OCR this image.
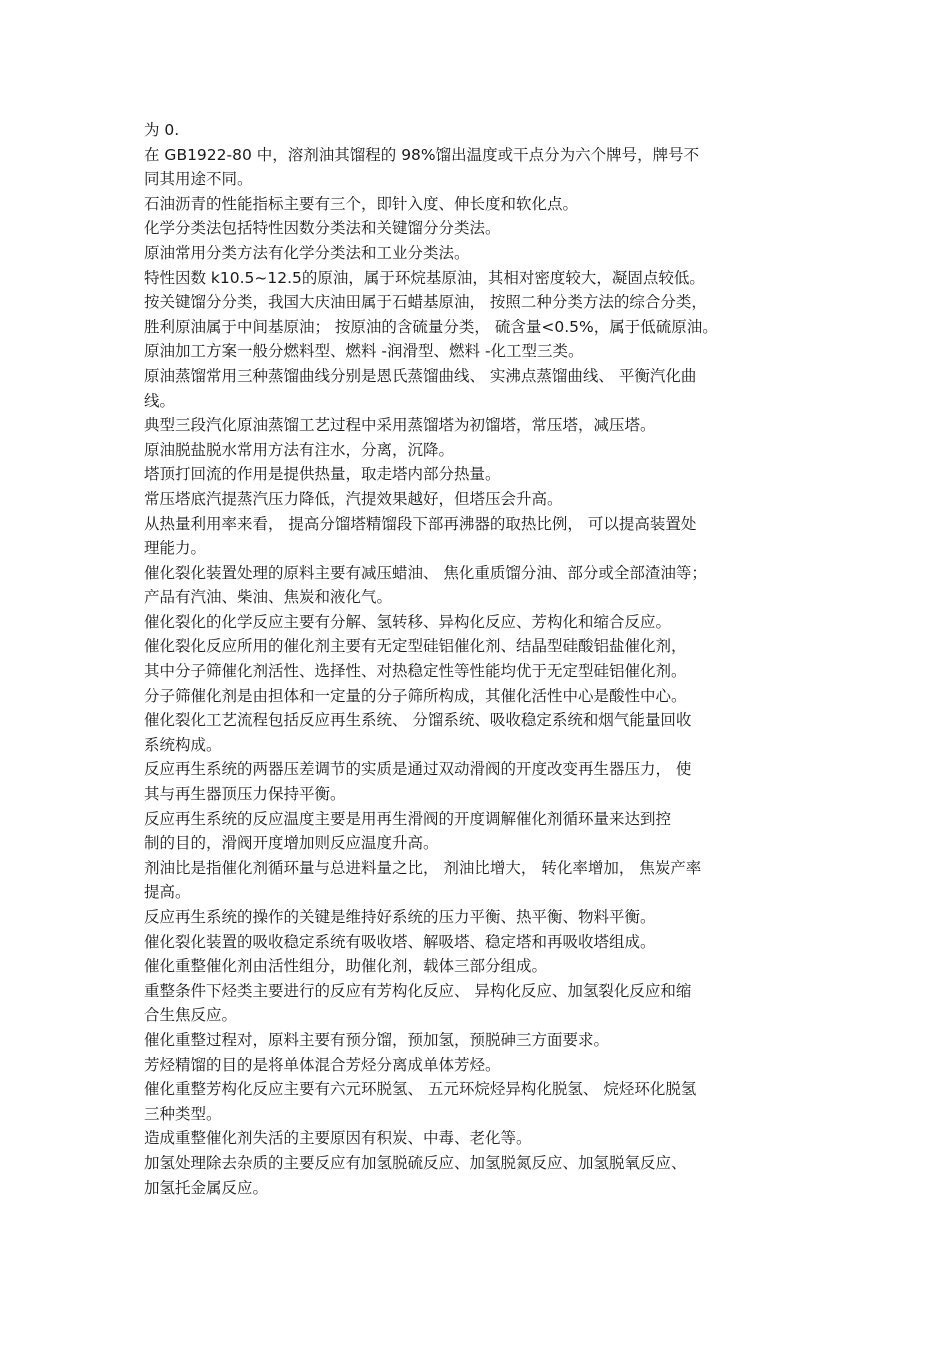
为 0.
在 GB1922-80 中，溶剂油其馏程的 98%馏出温度或干点分为六个牌号，牌号不
同其用途不同。
石油沥青的性能指标主要有三个，即针入度、伸长度和软化点。
化学分类法包括特性因数分类法和关键馏分分类法。
原油常用分类方法有化学分类法和工业分类法。
特性因数 k10.5~12.5的原油，属于环烷基原油，其相对密度较大，凝固点较低。
按关键馏分分类，我国大庆油田属于石蜡基原油， 按照二种分类方法的综合分类，
胜利原油属于中间基原油； 按原油的含硫量分类， 硫含量<0.5%，属于低硫原油。
原油加工方案一般分燃料型、燃料 -润滑型、燃料 -化工型三类。
原油蒸馏常用三种蒸馏曲线分别是恩氏蒸馏曲线、 实沸点蒸馏曲线、 平衡汽化曲
线。
典型三段汽化原油蒸馏工艺过程中采用蒸馏塔为初馏塔，常压塔，减压塔。
原油脱盐脱水常用方法有注水，分离，沉降。
塔顶打回流的作用是提供热量，取走塔内部分热量。
常压塔底汽提蒸汽压力降低，汽提效果越好，但塔压会升高。
从热量利用率来看， 提高分馏塔精馏段下部再沸器的取热比例， 可以提高装置处
理能力。
催化裂化装置处理的原料主要有减压蜡油、 焦化重质馏分油、部分或全部渣油等；
产品有汽油、柴油、焦炭和液化气。
催化裂化的化学反应主要有分解、氢转移、异构化反应、芳构化和缩合反应。
催化裂化反应所用的催化剂主要有无定型硅铝催化剂、结晶型硅酸铝盐催化剂，
其中分子筛催化剂活性、选择性、对热稳定性等性能均优于无定型硅铝催化剂。
分子筛催化剂是由担体和一定量的分子筛所构成，其催化活性中心是酸性中心。
催化裂化工艺流程包括反应再生系统、 分馏系统、吸收稳定系统和烟气能量回收
系统构成。
反应再生系统的两器压差调节的实质是通过双动滑阀的开度改变再生器压力， 使
其与再生器顶压力保持平衡。
反应再生系统的反应温度主要是用再生滑阀的开度调解催化剂循环量来达到控
制的目的，滑阀开度增加则反应温度升高。
剂油比是指催化剂循环量与总进料量之比， 剂油比增大， 转化率增加， 焦炭产率
提高。
反应再生系统的操作的关键是维持好系统的压力平衡、热平衡、物料平衡。
催化裂化装置的吸收稳定系统有吸收塔、解吸塔、稳定塔和再吸收塔组成。
催化重整催化剂由活性组分，助催化剂，载体三部分组成。
重整条件下烃类主要进行的反应有芳构化反应、 异构化反应、加氢裂化反应和缩
合生焦反应。
催化重整过程对，原料主要有预分馏，预加氢，预脱砷三方面要求。
芳烃精馏的目的是将单体混合芳烃分离成单体芳烃。
催化重整芳构化反应主要有六元环脱氢、 五元环烷烃异构化脱氢、 烷烃环化脱氢
三种类型。
造成重整催化剂失活的主要原因有积炭、中毒、老化等。
加氢处理除去杂质的主要反应有加氢脱硫反应、加氢脱氮反应、加氢脱氧反应、
加氢托金属反应。
